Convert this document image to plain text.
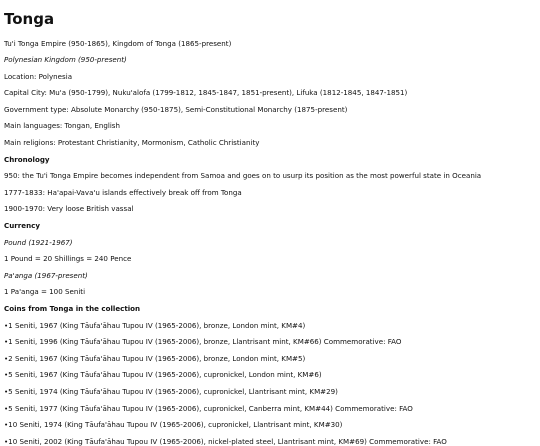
Tonga
Tu'i Tonga Empire (950-1865), Kingdom of Tonga (1865-present)
Polynesian Kingdom (950-present)
Location: Polynesia
Capital City: Mu'a (950-1799), Nuku'alofa (1799-1812, 1845-1847, 1851-present), Lifuka (1812-1845, 1847-1851)
Government type: Absolute Monarchy (950-1875), Semi-Constitutional Monarchy (1875-present)
Main languages: Tongan, English
Main religions: Protestant Christianity, Mormonism, Catholic Christianity
Chronology
950: the Tu'i Tonga Empire becomes independent from Samoa and goes on to usurp its position as the most powerful state in Oceania
1777-1833: Ha'apai-Vava'u islands effectively break off from Tonga
1900-1970: Very loose British vassal
Currency
Pound (1921-1967)
1 Pound = 20 Shillings = 240 Pence
Pa'anga (1967-present)
1 Pa'anga = 100 Seniti
Coins from Tonga in the collection
•1 Seniti, 1967 (King Tāufa'āhau Tupou IV (1965-2006), bronze, London mint, KM#4)
•1 Seniti, 1996 (King Tāufa'āhau Tupou IV (1965-2006), bronze, Llantrisant mint, KM#66) Commemorative: FAO
•2 Seniti, 1967 (King Tāufa'āhau Tupou IV (1965-2006), bronze, London mint, KM#5)
•5 Seniti, 1967 (King Tāufa'āhau Tupou IV (1965-2006), cupronickel, London mint, KM#6)
•5 Seniti, 1974 (King Tāufa'āhau Tupou IV (1965-2006), cupronickel, Llantrisant mint, KM#29)
•5 Seniti, 1977 (King Tāufa'āhau Tupou IV (1965-2006), cupronickel, Canberra mint, KM#44) Commemorative: FAO
•10 Seniti, 1974 (King Tāufa'āhau Tupou IV (1965-2006), cupronickel, Llantrisant mint, KM#30)
•10 Seniti, 2002 (King Tāufa'āhau Tupou IV (1965-2006), nickel-plated steel, Llantrisant mint, KM#69) Commemorative: FAO
